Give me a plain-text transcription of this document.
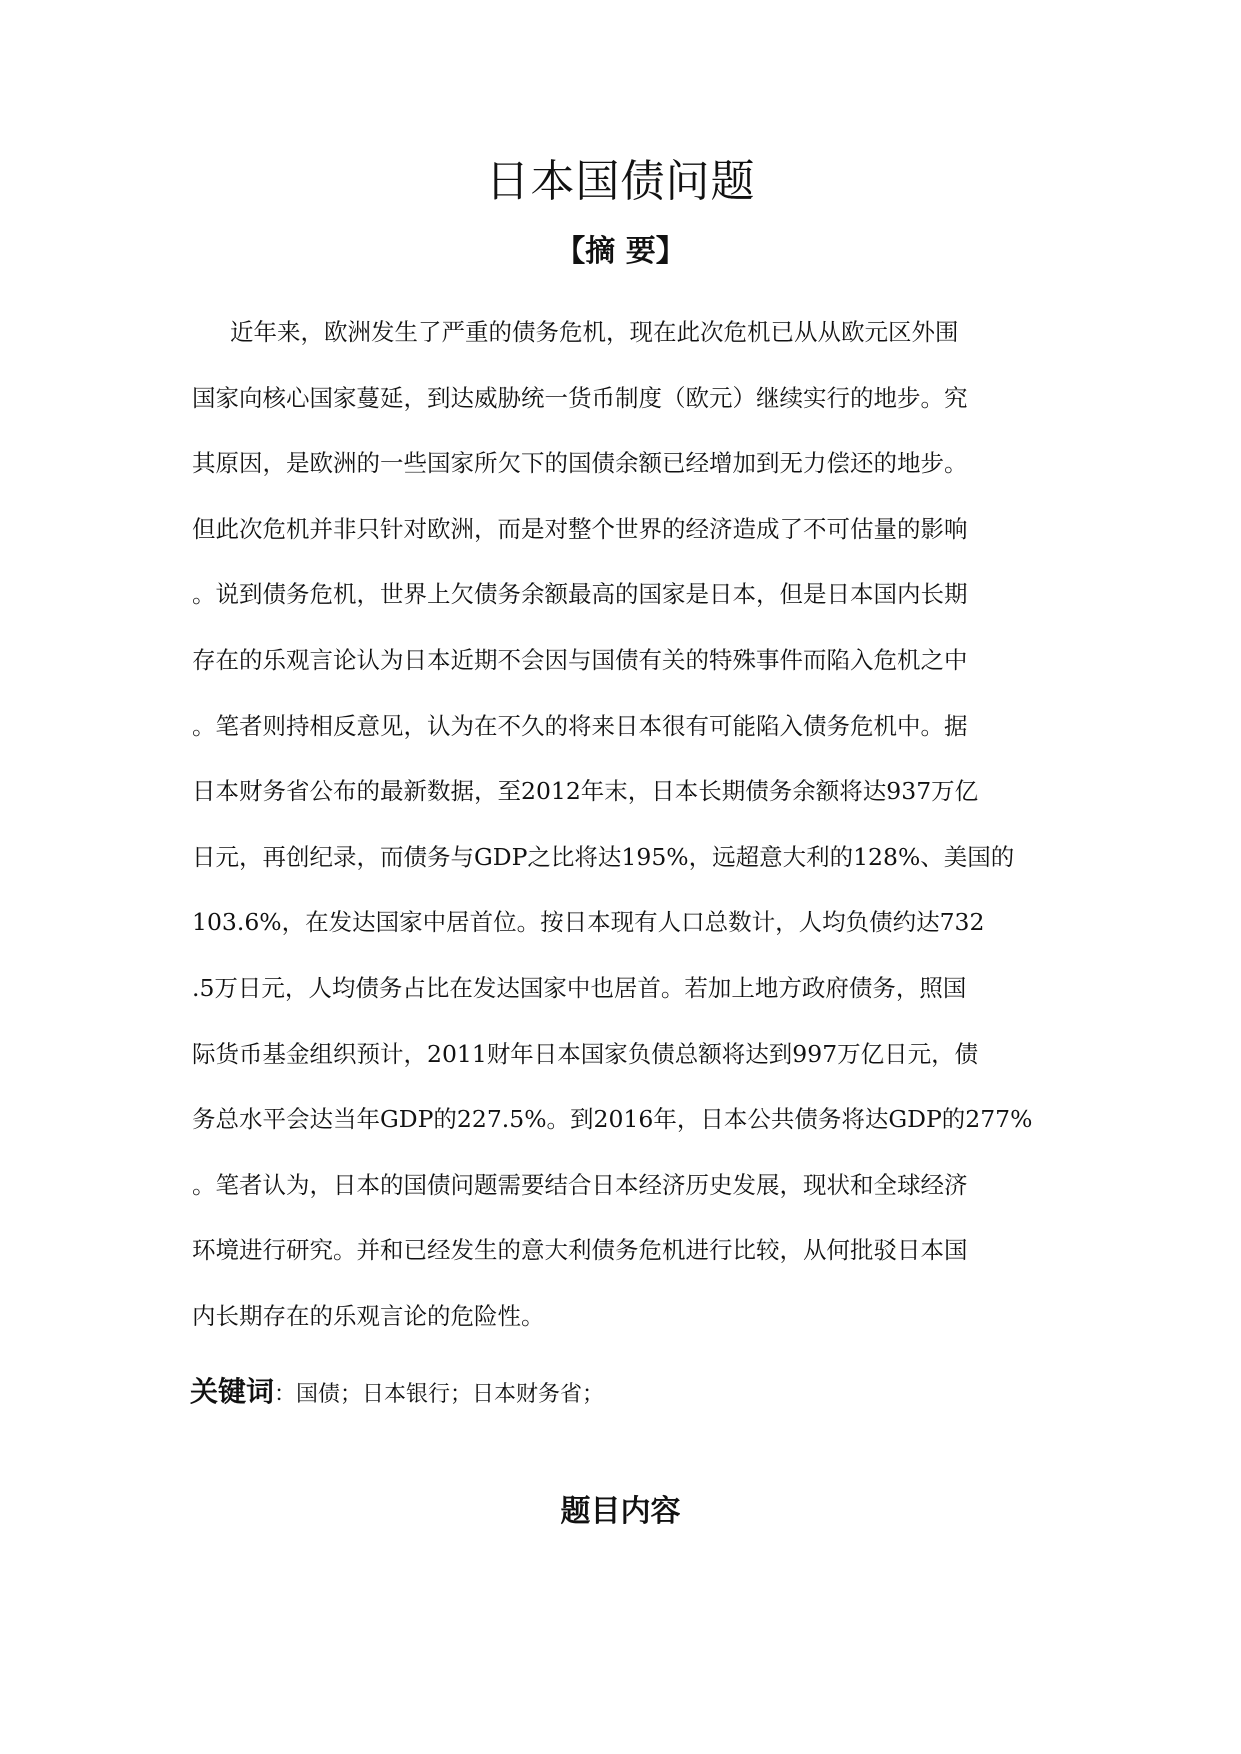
日本国债问题
【摘 要】
近年来，欧洲发生了严重的债务危机，现在此次危机已从从欧元区外围
国家向核心国家蔓延，到达威胁统一货币制度（欧元）继续实行的地步。究
其原因，是欧洲的一些国家所欠下的国债余额已经增加到无力偿还的地步。
但此次危机并非只针对欧洲，而是对整个世界的经济造成了不可估量的影响
。说到债务危机，世界上欠债务余额最高的国家是日本，但是日本国内长期
存在的乐观言论认为日本近期不会因与国债有关的特殊事件而陷入危机之中
。笔者则持相反意见，认为在不久的将来日本很有可能陷入债务危机中。据
日本财务省公布的最新数据，至2012年末，日本长期债务余额将达937万亿
日元，再创纪录，而债务与GDP之比将达195%，远超意大利的128%、美国的
103.6%，在发达国家中居首位。按日本现有人口总数计，人均负债约达732
.5万日元，人均债务占比在发达国家中也居首。若加上地方政府债务，照国
际货币基金组织预计，2011财年日本国家负债总额将达到997万亿日元，债
务总水平会达当年GDP的227.5%。到2016年，日本公共债务将达GDP的277%
。笔者认为，日本的国债问题需要结合日本经济历史发展，现状和全球经济
环境进行研究。并和已经发生的意大利债务危机进行比较，从何批驳日本国
内长期存在的乐观言论的危险性。
关键词：国债；日本银行；日本财务省；
题目内容
